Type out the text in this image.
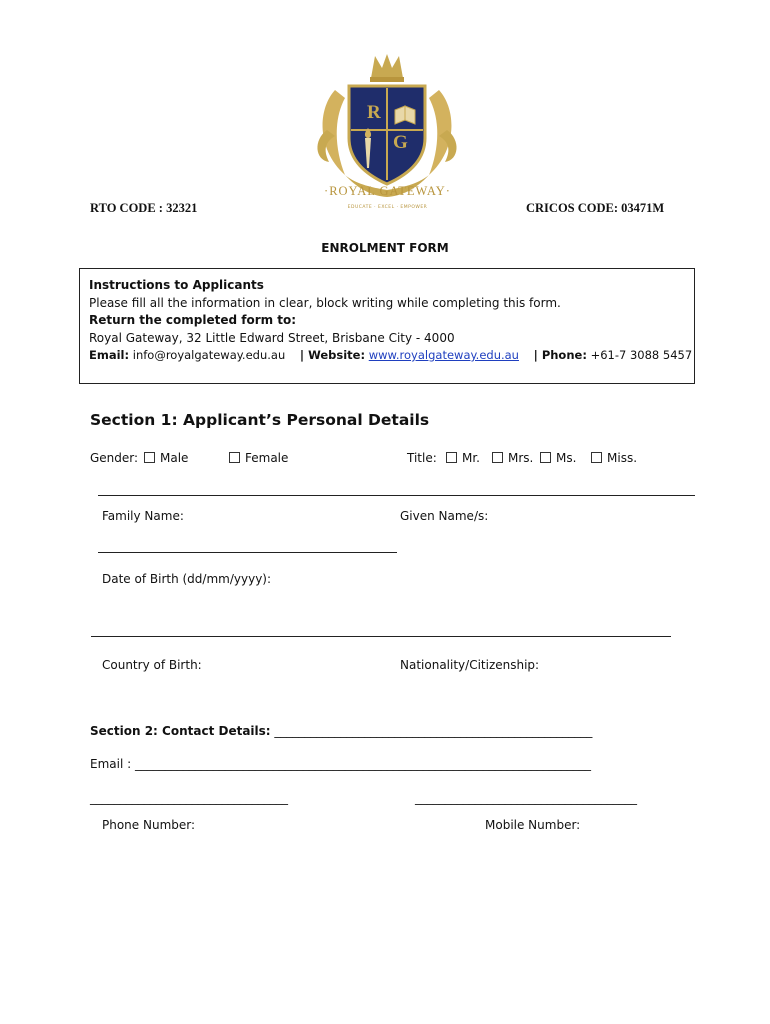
R
G
·ROYAL GATEWAY·
EDUCATE · EXCEL · EMPOWER
RTO CODE : 32321	CRICOS CODE: 03471M
ENROLMENT FORM
Instructions to Applicants
Please fill all the information in clear, block writing while completing this form.
Return the completed form to:
Royal Gateway, 32 Little Edward Street, Brisbane City - 4000
Email: info@royalgateway.edu.au | Website: www.royalgateway.edu.au | Phone: +61-7 3088 5457
Section 1: Applicant’s Personal Details
Gender:	Male	Female	Title:	Mr.	Mrs.	Ms.	Miss.
Family Name:	Given Name/s:
Date of Birth (dd/mm/yyyy):
Country of Birth:	Nationality/Citizenship:
Section 2: Contact Details: _____________________________________________________
Email : ____________________________________________________________________________
_________________________________	_____________________________________
Phone Number:	Mobile Number:
